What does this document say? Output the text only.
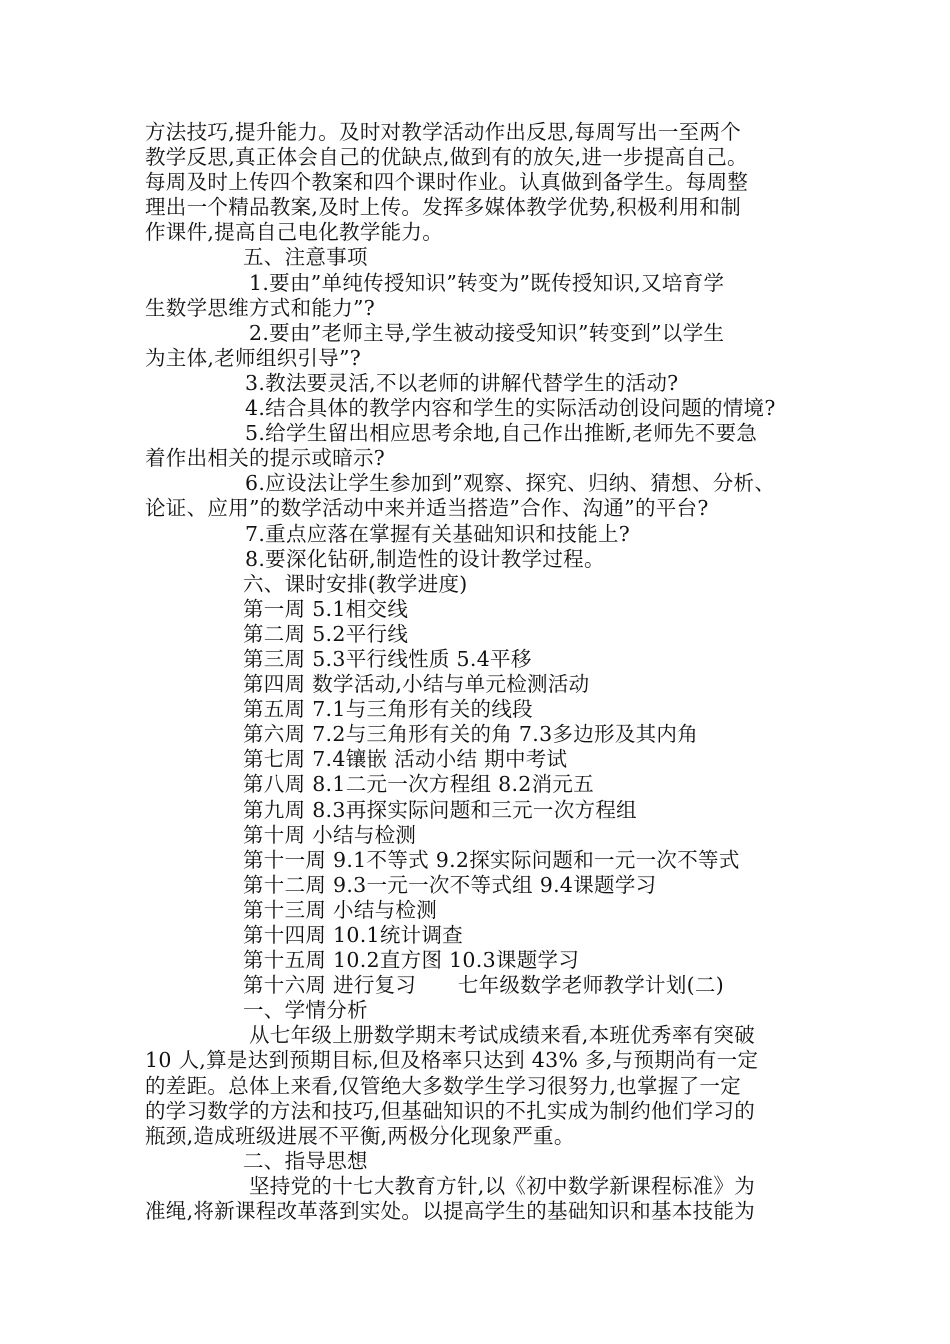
方法技巧,提升能力。及时对教学活动作出反思,每周写出一至两个
教学反思,真正体会自己的优缺点,做到有的放矢,进一步提高自己。
每周及时上传四个教案和四个课时作业。认真做到备学生。每周整
理出一个精品教案,及时上传。发挥多媒体教学优势,积极利用和制
作课件,提高自己电化教学能力。
五、注意事项
1.要由”单纯传授知识”转变为”既传授知识,又培育学
生数学思维方式和能力”?
2.要由”老师主导,学生被动接受知识”转变到”以学生
为主体,老师组织引导”?
3.教法要灵活,不以老师的讲解代替学生的活动?
4.结合具体的教学内容和学生的实际活动创设问题的情境?
5.给学生留出相应思考余地,自己作出推断,老师先不要急
着作出相关的提示或暗示?
6.应设法让学生参加到”观察、探究、归纳、猜想、分析、
论证、应用”的数学活动中来并适当搭造”合作、沟通”的平台?
7.重点应落在掌握有关基础知识和技能上?
8.要深化钻研,制造性的设计教学过程。
六、课时安排(教学进度)
第一周 5.1相交线
第二周 5.2平行线
第三周 5.3平行线性质 5.4平移
第四周 数学活动,小结与单元检测活动
第五周 7.1与三角形有关的线段
第六周 7.2与三角形有关的角 7.3多边形及其内角
第七周 7.4镶嵌 活动小结 期中考试
第八周 8.1二元一次方程组 8.2消元五
第九周 8.3再探实际问题和三元一次方程组
第十周 小结与检测
第十一周 9.1不等式 9.2探实际问题和一元一次不等式
第十二周 9.3一元一次不等式组 9.4课题学习
第十三周 小结与检测
第十四周 10.1统计调查
第十五周 10.2直方图 10.3课题学习
第十六周 进行复习　　七年级数学老师教学计划(二)
一、学情分析
从七年级上册数学期末考试成绩来看,本班优秀率有突破
10 人,算是达到预期目标,但及格率只达到 43% 多,与预期尚有一定
的差距。总体上来看,仅管绝大多数学生学习很努力,也掌握了一定
的学习数学的方法和技巧,但基础知识的不扎实成为制约他们学习的
瓶颈,造成班级进展不平衡,两极分化现象严重。
二、指导思想
坚持党的十七大教育方针,以《初中数学新课程标准》为
准绳,将新课程改革落到实处。以提高学生的基础知识和基本技能为
